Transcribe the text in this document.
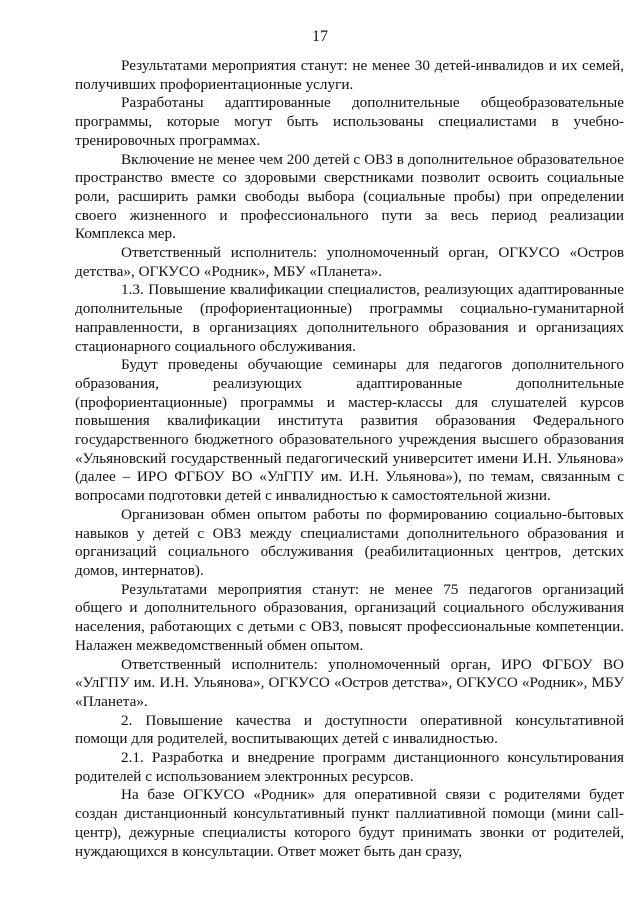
17

Результатами мероприятия станут: не менее 30 детей-инвалидов и их семей, получивших профориентационные услуги.

Разработаны адаптированные дополнительные общеобразовательные программы, которые могут быть использованы специалистами в учебно-тренировочных программах.

Включение не менее чем 200 детей с ОВЗ в дополнительное образовательное пространство вместе со здоровыми сверстниками позволит освоить социальные роли, расширить рамки свободы выбора (социальные пробы) при определении своего жизненного и профессионального пути за весь период реализации Комплекса мер.

Ответственный исполнитель: уполномоченный орган, ОГКУСО «Остров детства», ОГКУСО «Родник», МБУ «Планета».

1.3. Повышение квалификации специалистов, реализующих адаптированные дополнительные (профориентационные) программы социально-гуманитарной направленности, в организациях дополнительного образования и организациях стационарного социального обслуживания.

Будут проведены обучающие семинары для педагогов дополнительного образования, реализующих адаптированные дополнительные (профориентационные) программы и мастер-классы для слушателей курсов повышения квалификации института развития образования Федерального государственного бюджетного образовательного учреждения высшего образования «Ульяновский государственный педагогический университет имени И.Н. Ульянова» (далее – ИРО ФГБОУ ВО «УлГПУ им. И.Н. Ульянова»), по темам, связанным с вопросами подготовки детей с инвалидностью к самостоятельной жизни.

Организован обмен опытом работы по формированию социально-бытовых навыков у детей с ОВЗ между специалистами дополнительного образования и организаций социального обслуживания (реабилитационных центров, детских домов, интернатов).

Результатами мероприятия станут: не менее 75 педагогов организаций общего и дополнительного образования, организаций социального обслуживания населения, работающих с детьми с ОВЗ, повысят профессиональные компетенции. Налажен межведомственный обмен опытом.

Ответственный исполнитель: уполномоченный орган, ИРО ФГБОУ ВО «УлГПУ им. И.Н. Ульянова», ОГКУСО «Остров детства», ОГКУСО «Родник», МБУ «Планета».

2. Повышение качества и доступности оперативной консультативной помощи для родителей, воспитывающих детей с инвалидностью.

2.1. Разработка и внедрение программ дистанционного консультирования родителей с использованием электронных ресурсов.

На базе ОГКУСО «Родник» для оперативной связи с родителями будет создан дистанционный консультативный пункт паллиативной помощи (мини call-центр), дежурные специалисты которого будут принимать звонки от родителей, нуждающихся в консультации. Ответ может быть дан сразу,
